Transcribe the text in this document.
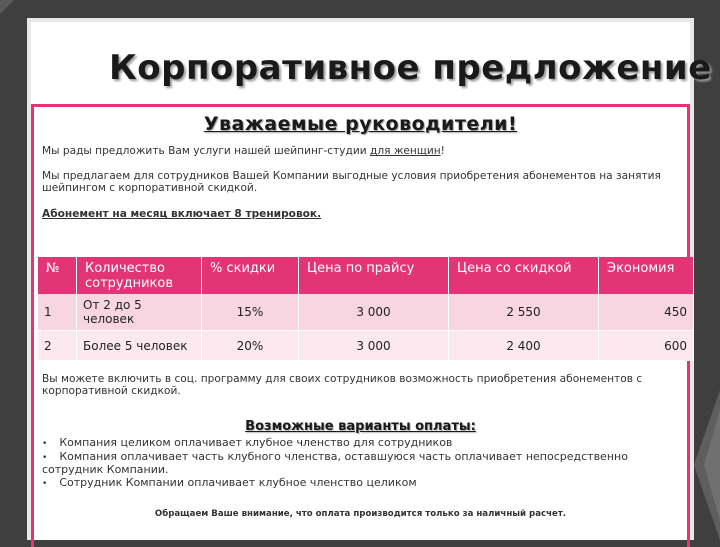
Корпоративное предложение
Уважаемые руководители!
Мы рады предложить Вам услуги нашей шейпинг-студии для женщин!
Мы предлагаем для сотрудников Вашей Компании выгодные условия приобретения абонементов на занятия шейпингом с корпоративной скидкой.
Абонемент на месяц включает 8 тренировок.
№	Количество сотрудников	% скидки	Цена по прайсу	Цена со скидкой	Экономия
1	От 2 до 5 человек	15%	3 000	2 550	450
2	Более 5 человек	20%	3 000	2 400	600
Вы можете включить в соц. программу для своих сотрудников возможность приобретения абонементов с корпоративной скидкой.
Возможные варианты оплаты:
• Компания целиком оплачивает клубное членство для сотрудников
• Компания оплачивает часть клубного членства, оставшуюся часть оплачивает непосредственно сотрудник Компании.
• Сотрудник Компании оплачивает клубное членство целиком
Обращаем Ваше внимание, что оплата производится только за наличный расчет.
